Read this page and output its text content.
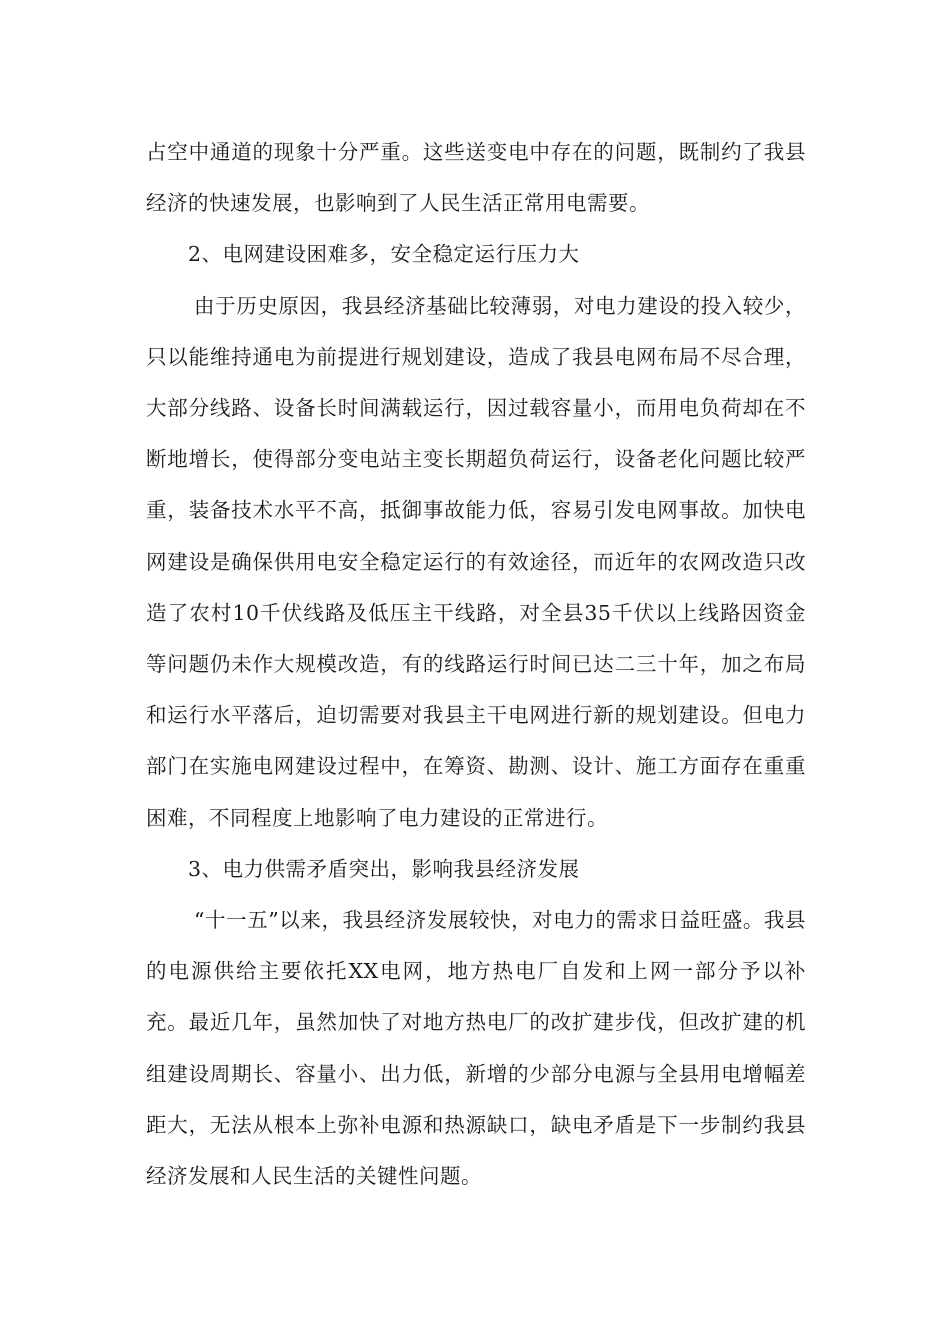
占空中通道的现象十分严重。这些送变电中存在的问题，既制约了我县经济的快速发展，也影响到了人民生活正常用电需要。

2、电网建设困难多，安全稳定运行压力大

由于历史原因，我县经济基础比较薄弱，对电力建设的投入较少，只以能维持通电为前提进行规划建设，造成了我县电网布局不尽合理，大部分线路、设备长时间满载运行，因过载容量小，而用电负荷却在不断地增长，使得部分变电站主变长期超负荷运行，设备老化问题比较严重，装备技术水平不高，抵御事故能力低，容易引发电网事故。加快电网建设是确保供用电安全稳定运行的有效途径，而近年的农网改造只改造了农村10千伏线路及低压主干线路，对全县35千伏以上线路因资金等问题仍未作大规模改造，有的线路运行时间已达二三十年，加之布局和运行水平落后，迫切需要对我县主干电网进行新的规划建设。但电力部门在实施电网建设过程中，在筹资、勘测、设计、施工方面存在重重困难，不同程度上地影响了电力建设的正常进行。

3、电力供需矛盾突出，影响我县经济发展

“十一五”以来，我县经济发展较快，对电力的需求日益旺盛。我县的电源供给主要依托XX电网，地方热电厂自发和上网一部分予以补充。最近几年，虽然加快了对地方热电厂的改扩建步伐，但改扩建的机组建设周期长、容量小、出力低，新增的少部分电源与全县用电增幅差距大，无法从根本上弥补电源和热源缺口，缺电矛盾是下一步制约我县经济发展和人民生活的关键性问题。
